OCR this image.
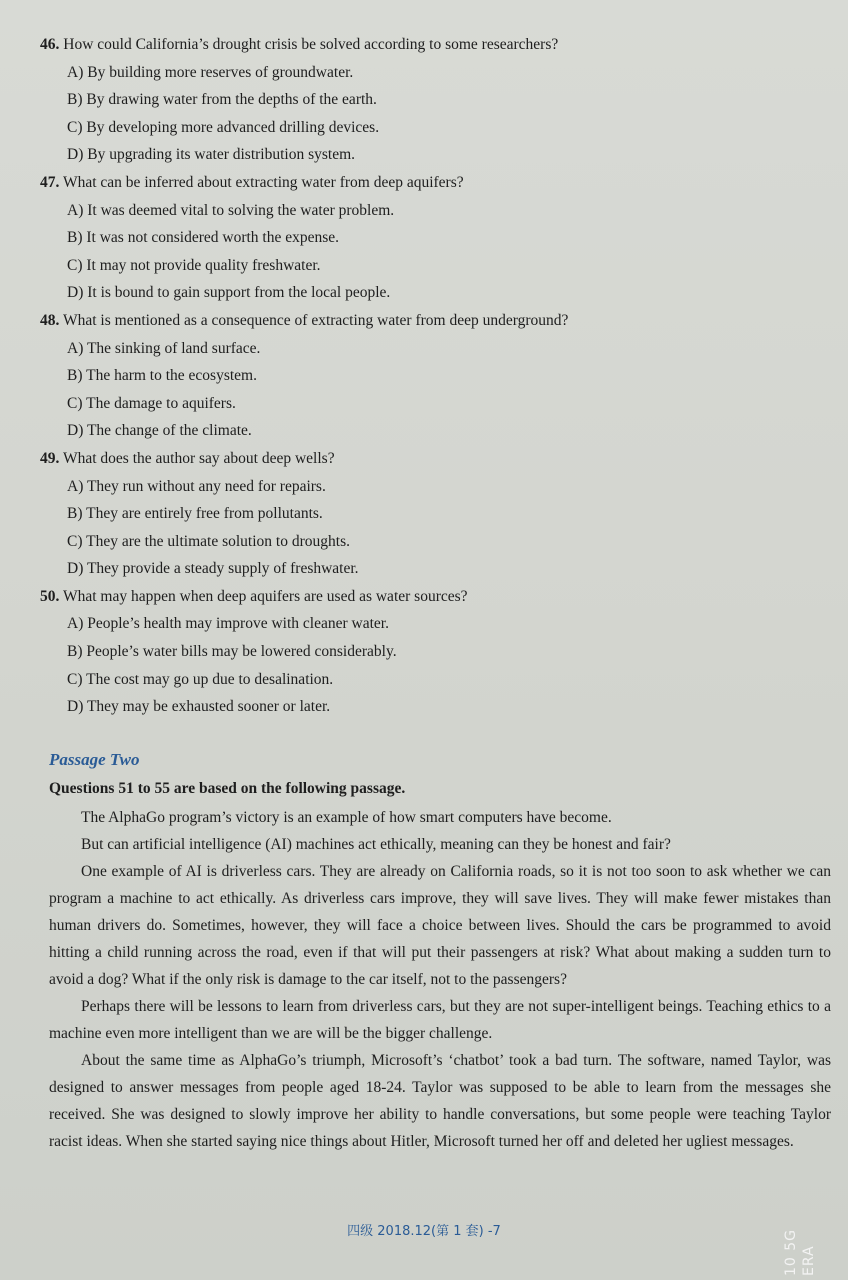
46. How could California’s drought crisis be solved according to some researchers?
A) By building more reserves of groundwater.
B) By drawing water from the depths of the earth.
C) By developing more advanced drilling devices.
D) By upgrading its water distribution system.
47. What can be inferred about extracting water from deep aquifers?
A) It was deemed vital to solving the water problem.
B) It was not considered worth the expense.
C) It may not provide quality freshwater.
D) It is bound to gain support from the local people.
48. What is mentioned as a consequence of extracting water from deep underground?
A) The sinking of land surface.
B) The harm to the ecosystem.
C) The damage to aquifers.
D) The change of the climate.
49. What does the author say about deep wells?
A) They run without any need for repairs.
B) They are entirely free from pollutants.
C) They are the ultimate solution to droughts.
D) They provide a steady supply of freshwater.
50. What may happen when deep aquifers are used as water sources?
A) People’s health may improve with cleaner water.
B) People’s water bills may be lowered considerably.
C) The cost may go up due to desalination.
D) They may be exhausted sooner or later.
Passage Two
Questions 51 to 55 are based on the following passage.

The AlphaGo program’s victory is an example of how smart computers have become.

But can artificial intelligence (AI) machines act ethically, meaning can they be honest and fair?

One example of AI is driverless cars. They are already on California roads, so it is not too soon to ask whether we can program a machine to act ethically. As driverless cars improve, they will save lives. They will make fewer mistakes than human drivers do. Sometimes, however, they will face a choice between lives. Should the cars be programmed to avoid hitting a child running across the road, even if that will put their passengers at risk? What about making a sudden turn to avoid a dog? What if the only risk is damage to the car itself, not to the passengers?

Perhaps there will be lessons to learn from driverless cars, but they are not super-intelligent beings. Teaching ethics to a machine even more intelligent than we are will be the bigger challenge.

About the same time as AlphaGo’s triumph, Microsoft’s ‘chatbot’ took a bad turn. The software, named Taylor, was designed to answer messages from people aged 18-24. Taylor was supposed to be able to learn from the messages she received. She was designed to slowly improve her ability to handle conversations, but some people were teaching Taylor racist ideas. When she started saying nice things about Hitler, Microsoft turned her off and deleted her ugliest messages.

四级 2018.12(第 1 套) -7	10 5G ERA
